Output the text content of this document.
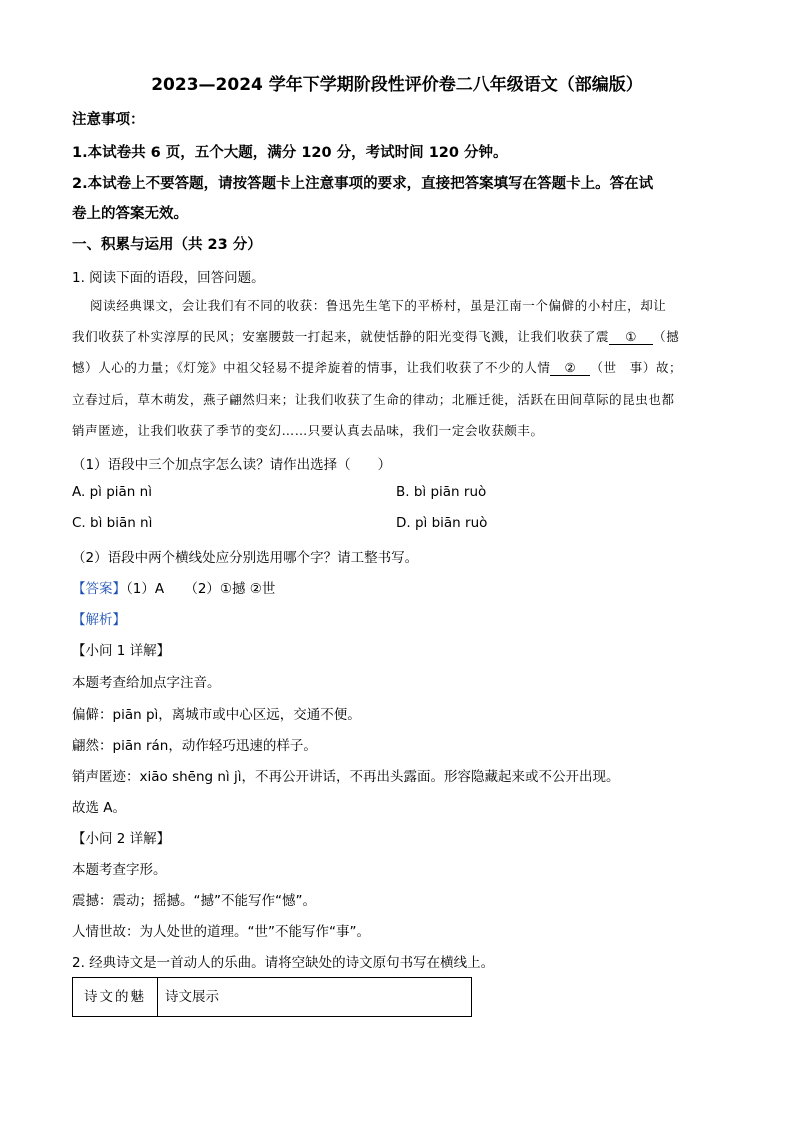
2023—2024 学年下学期阶段性评价卷二八年级语文（部编版）
注意事项：
1.本试卷共 6 页，五个大题，满分 120 分，考试时间 120 分钟。
2.本试卷上不要答题，请按答题卡上注意事项的要求，直接把答案填写在答题卡上。答在试
卷上的答案无效。
一、积累与运用（共 23 分）
1. 阅读下面的语段，回答问题。
阅读经典课文，会让我们有不同的收获：鲁迅先生笔下的平桥村，虽是江南一个偏僻的小村庄，却让
我们收获了朴实淳厚的民风；安塞腰鼓一打起来，就使恬静的阳光变得飞溅，让我们收获了震 ① （撼
憾）人心的力量；《灯笼》中祖父轻易不提斧旋着的情事，让我们收获了不少的人情 ② （世　事）故；
立春过后，草木萌发，燕子翩然归来；让我们收获了生命的律动；北雁迁徙，活跃在田间草际的昆虫也都
销声匿迹，让我们收获了季节的变幻……只要认真去品味，我们一定会收获颇丰。
（1）语段中三个加点字怎么读？请作出选择（　　）
A. pì piān nì	B. bì piān ruò
C. bì biān nì	D. pì biān ruò
（2）语段中两个横线处应分别选用哪个字？请工整书写。
【答案】（1）A　　（2）①撼 ②世
【解析】
【小问 1 详解】
本题考查给加点字注音。
偏僻：piān pì，离城市或中心区远，交通不便。
翩然：piān rán，动作轻巧迅速的样子。
销声匿迹：xiāo shēng nì jì，不再公开讲话，不再出头露面。形容隐藏起来或不公开出现。
故选 A。
【小问 2 详解】
本题考查字形。
震撼：震动；摇撼。“撼”不能写作“憾”。
人情世故：为人处世的道理。“世”不能写作“事”。
2. 经典诗文是一首动人的乐曲。请将空缺处的诗文原句书写在横线上。
诗文的魅	诗文展示
